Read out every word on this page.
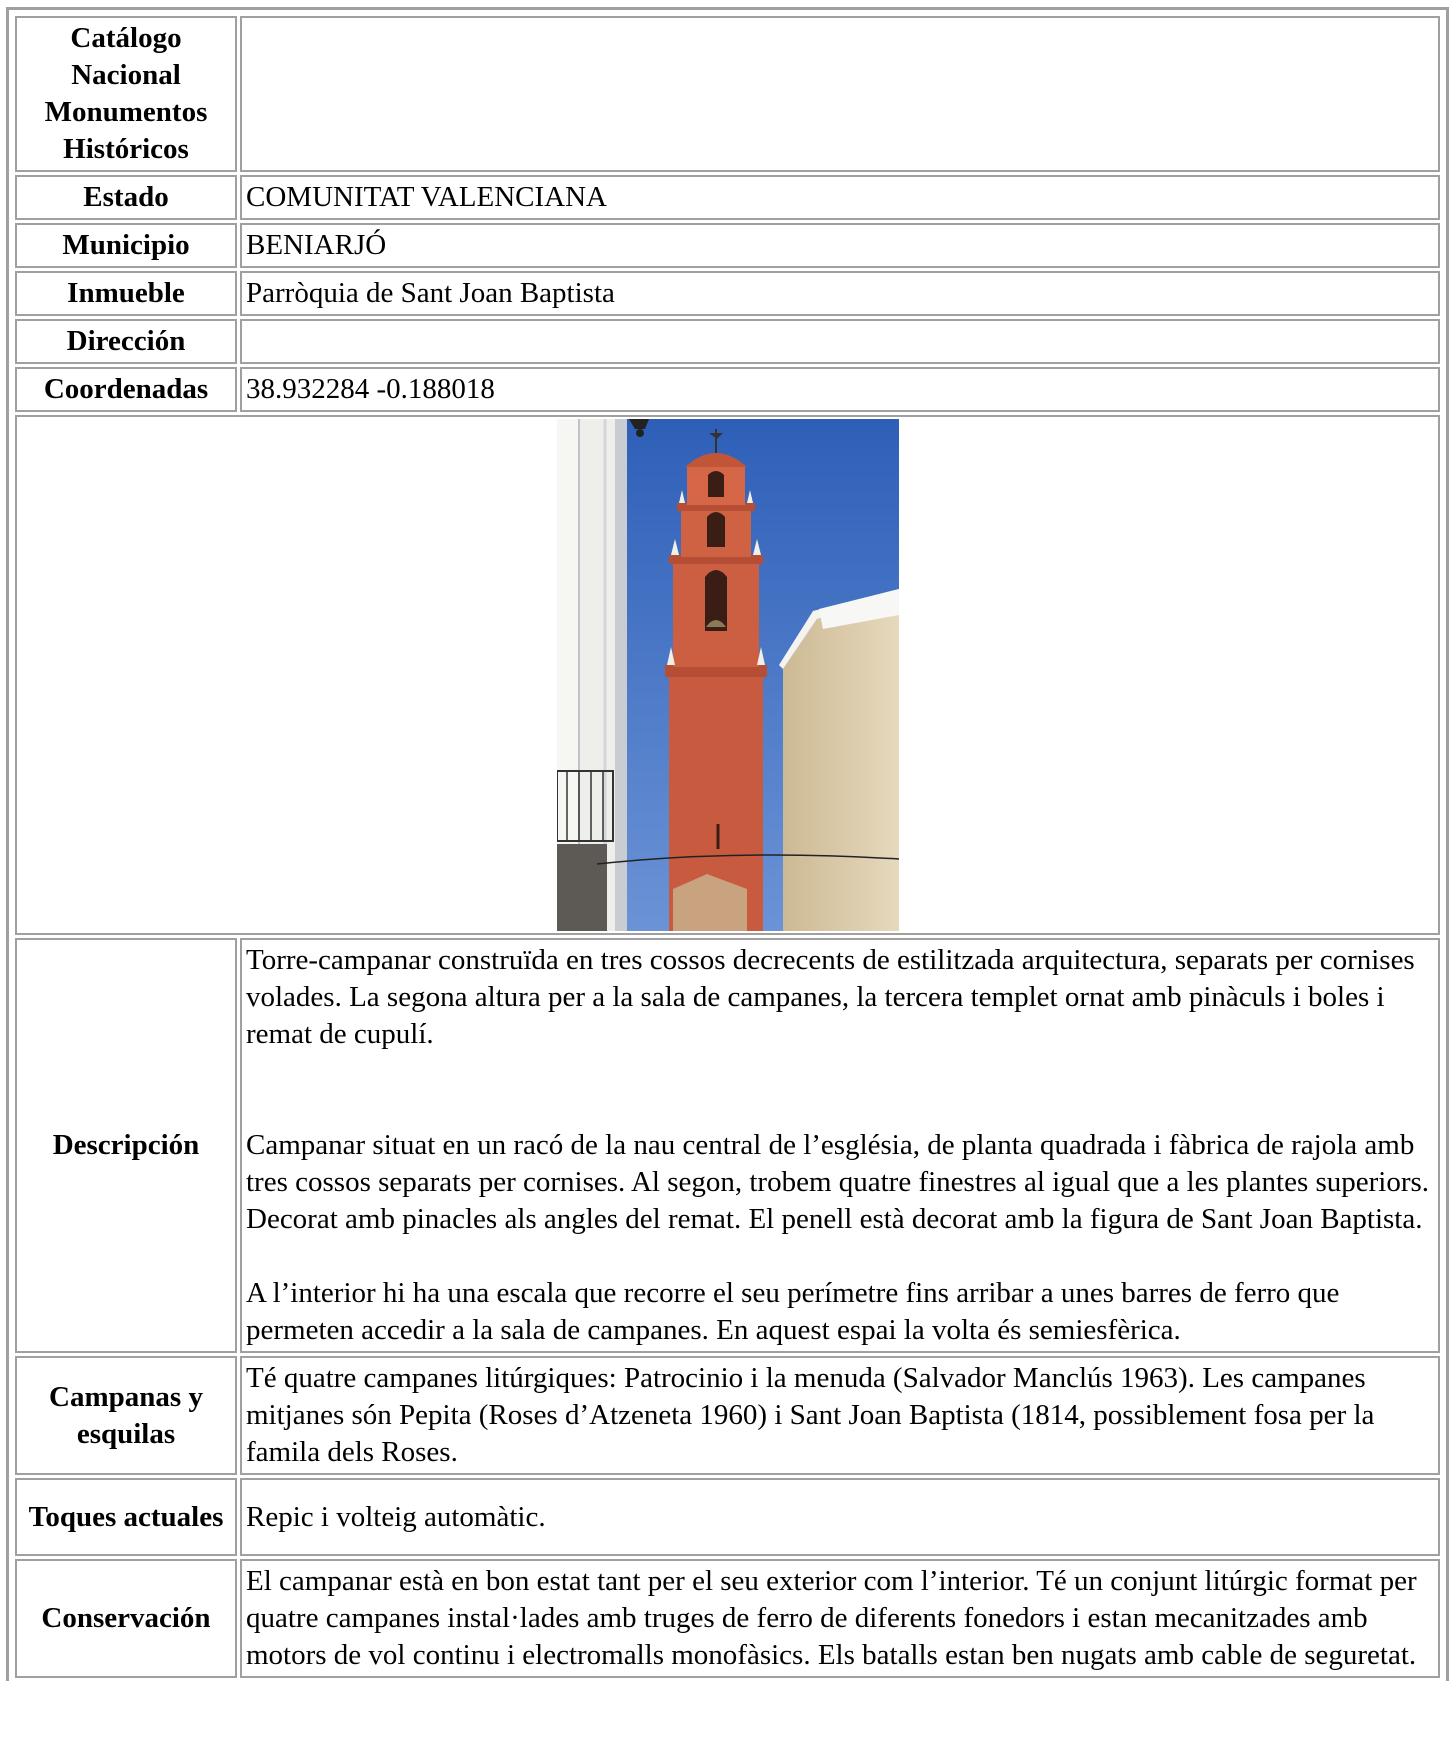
Catálogo Nacional Monumentos Históricos	
Estado	COMUNITAT VALENCIANA
Municipio	BENIARJÓ
Inmueble	Parròquia de Sant Joan Baptista
Dirección	
Coordenadas	38.932284 -0.188018

Descripción	Torre-campanar construïda en tres cossos decrecents de estilitzada arquitectura, separats per cornises volades. La segona altura per a la sala de campanes, la tercera templet ornat amb pinàculs i boles i remat de cupulí.

Campanar situat en un racó de la nau central de l’església, de planta quadrada i fàbrica de rajola amb tres cossos separats per cornises. Al segon, trobem quatre finestres al igual que a les plantes superiors. Decorat amb pinacles als angles del remat. El penell està decorat amb la figura de Sant Joan Baptista.

A l’interior hi ha una escala que recorre el seu perímetre fins arribar a unes barres de ferro que permeten accedir a la sala de campanes. En aquest espai la volta és semiesfèrica.

Campanas y esquilas	Té quatre campanes litúrgiques: Patrocinio i la menuda (Salvador Manclús 1963). Les campanes mitjanes són Pepita (Roses d’Atzeneta 1960) i Sant Joan Baptista (1814, possiblement fosa per la famila dels Roses.
Toques actuales	Repic i volteig automàtic.
Conservación	El campanar està en bon estat tant per el seu exterior com l’interior. Té un conjunt litúrgic format per quatre campanes instal·lades amb truges de ferro de diferents fonedors i estan mecanitzades amb motors de vol continu i electromalls monofàsics. Els batalls estan ben nugats amb cable de seguretat.
